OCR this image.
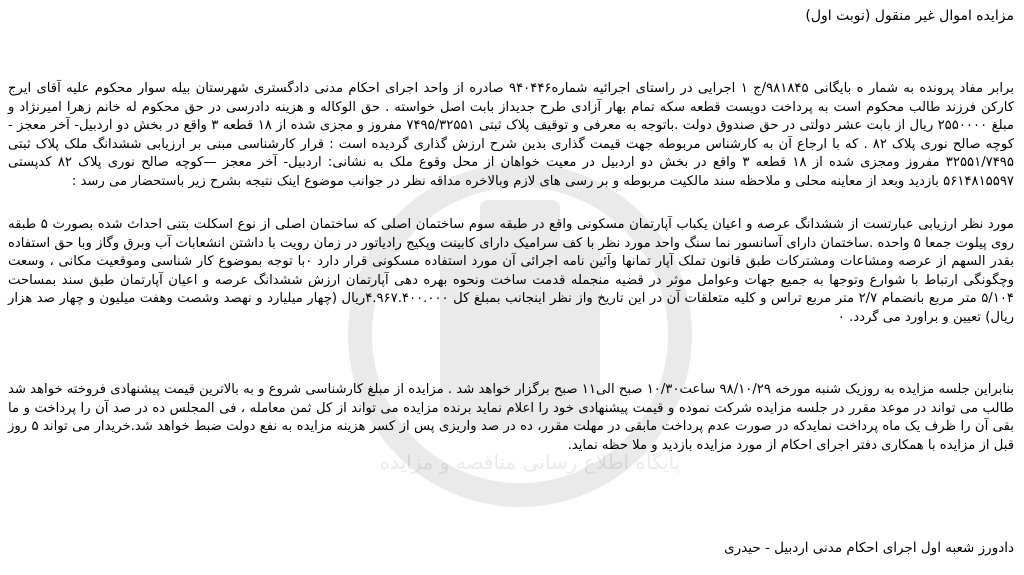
پایگاه اطلاع رسانی مناقصه و مزایده
مزایده اموال غیر منقول (نوبت اول)

برابر مفاد پرونده به شمار ه بایگانی ۹۸۱۸۴۵/ج ۱ اجرایی در راستای اجرائیه شماره۹۴۰۴۴۶ صادره از واحد اجرای احکام مدنی دادگستری شهرستان بیله سوار محکوم علیه آقای ایرج کارکن فرزند طالب محکوم است به پرداخت دویست قطعه سکه تمام بهار آزادی طرح جدیداز بابت اصل خواسته . حق الوکاله و هزینه دادرسی در حق محکوم له خانم زهرا امیرنژاد و مبلغ ۲۵۵۰۰۰۰ ریال از بابت عشر دولتی در حق صندوق دولت .باتوجه به معرفی و توقیف پلاک ثبتی ۷۴۹۵/۳۲۵۵۱ مفروز و مجزی شده از ۱۸ قطعه ۳ واقع در بخش دو اردبیل- آخر معجز - کوچه صالح نوری پلاک ۸۲ . که با ارجاع آن به کارشناس مربوطه جهت قیمت گذاری بدین شرح ارزش گذاری گردیده است : قرار کارشناسی مبنی بر ارزیابی ششدانگ ملک پلاک ثبتی ۳۲۵۵۱/۷۴۹۵ مفروز ومجزی شده از ۱۸ قطعه ۳ واقع در بخش دو اردبیل در معیت خواهان از محل وقوع ملک به نشانی: اردبیل- آخر معجز —کوچه صالح نوری پلاک ۸۲ کدپستی ۵۶۱۴۸۱۵۵۹۷ بازدید وبعد از معاینه محلی و ملاحظه سند مالکیت مربوطه و بر رسی های لازم وبالاخره مداقه نظر در جوانب موضوع اینک نتیجه بشرح زیر باستحضار می رسد :

مورد نظر ارزیابی عبارتست از ششدانگ عرصه و اعیان یکباب آپارتمان مسکونی واقع در طبقه سوم ساختمان اصلی که ساختمان اصلی از نوع اسکلت بتنی احداث شده بصورت ۵ طبقه روی پیلوت جمعا ۵ واحده .ساختمان دارای آسانسور نما سنگ واحد مورد نظر با کف سرامیک دارای کابینت وپکیج رادیاتور در زمان رویت با داشتن انشعابات آب وبرق وگاز وبا حق استفاده بقدر السهم از عرصه ومشاعات ومشترکات طبق قانون تملک آپار تمانها وآئین نامه اجرائی آن مورد استفاده مسکونی قرار دارد ٠با توجه بموضوع کار شناسی وموقعیت مکانی ، وسعت وچگونگی ارتباط با شوارع وتوجها به جمیع جهات وعوامل موثر در قضیه منجمله قدمت ساخت ونحوه بهره دهی آپارتمان ارزش ششدانگ عرصه و اعیان آپارتمان طبق سند بمساحت ۵/۱۰۴ متر مربع بانضمام ۲/۷ متر مربع تراس و کلیه متعلقات آن در این تاریخ واز نظر اینجانب بمبلغ کل ۴.۹۶۷.۴۰۰.۰۰۰ریال (چهار میلیارد و نهصد وشصت وهفت میلیون و چهار صد هزار ریال) تعیین و براورد می گردد. ٠

بنابراین جلسه مزایده به روزیک شنبه مورخه ۹۸/۱۰/۲۹ ساعت۱۰/۳۰ صبح الی۱۱ صبح برگزار خواهد شد . مزایده از مبلغ کارشناسی شروع و به بالاترین قیمت پیشنهادی فروخته خواهد شد طالب می تواند در موعد مقرر در جلسه مزایده شرکت نموده و قیمت پیشنهادی خود را اعلام نماید برنده مزایده می تواند از کل ثمن معامله ، فی المجلس ده در صد آن را پرداخت و ما بقی آن را ظرف یک ماه پرداخت نمایدکه در صورت عدم پرداخت مابقی در مهلت مقرر، ده در صد واریزی پس از کسر هزینه مزایده به نفع دولت ضبط خواهد شد.خریدار می تواند ۵ روز قبل از مزایده با همکاری دفتر اجرای احکام از مورد مزایده بازدید و ملا حظه نماید.

دادورز شعبه اول اجرای احکام مدنی اردبیل - حیدری
